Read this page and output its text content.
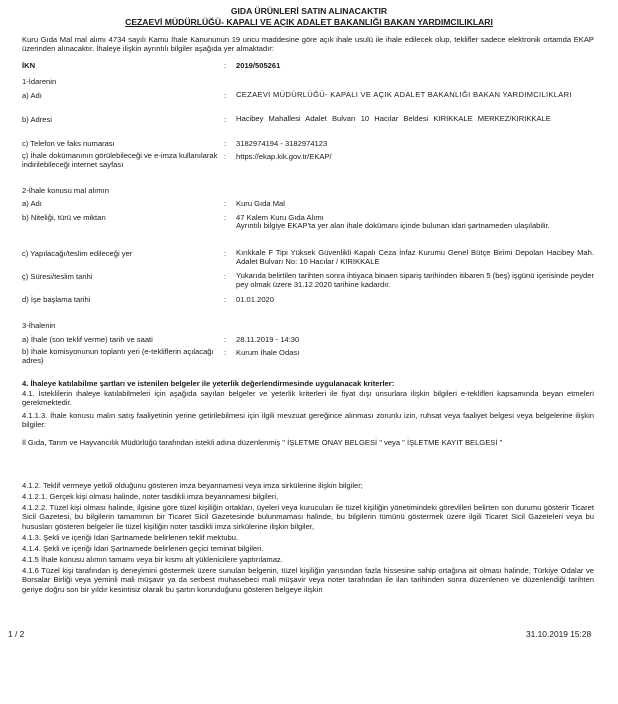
GIDA ÜRÜNLERİ SATIN ALINACAKTIR
CEZAEVİ MÜDÜRLÜĞÜ- KAPALI VE AÇIK ADALET BAKANLIĞI BAKAN YARDIMCILIKLARI
Kuru Gıda Mal mal alımı 4734 sayılı Kamu İhale Kanununun 19 uncu maddesine göre açık ihale usulü ile ihale edilecek olup, teklifler sadece elektronik ortamda EKAP üzerinden alınacaktır. İhaleye ilişkin ayrıntılı bilgiler aşağıda yer almaktadır:
İKN	: 2019/505261
1-İdarenin
a) Adı	: CEZAEVİ MÜDÜRLÜĞÜ- KAPALI VE AÇIK ADALET BAKANLIĞI BAKAN YARDIMCILIKLARI
b) Adresi	: Hacibey Mahallesi Adalet Bulvarı 10 Hacılar Beldesi KIRIKKALE MERKEZ/KIRIKKALE
c) Telefon ve faks numarası	: 3182974194 - 3182974123
ç) İhale dokümanının görülebileceği ve e-imza kullanılarak indirilebileceği internet sayfası
: https://ekap.kik.gov.tr/EKAP/
2-İhale konusu mal alımın
a) Adı	: Kuru Gıda Mal
b) Niteliği, türü ve miktarı	: 47 Kalem Kuru Gıda Alımı
Ayrıntılı bilgiye EKAP'ta yer alan ihale dokümanı içinde bulunan idari şartnameden ulaşılabilir.
c) Yapılacağı/teslim edileceği yer	: Kırıkkale F Tipi Yüksek Güvenlikli Kapalı Ceza İnfaz Kurumu Genel Bütçe Birimi Depoları Hacibey Mah. Adalet Bulvarı No: 10 Hacılar / KIRIKKALE
ç) Süresi/teslim tarihi	: Yukarıda belirtilen tarihten sonra ihtiyaca binaen sipariş tarihinden itibaren 5 (beş) işgünü içerisinde peyder pey olmak üzere 31.12.2020 tarihine kadardır.
d) İşe başlama tarihi	: 01.01.2020
3-İhalenin
a) İhale (son teklif verme) tarih ve saati	: 28.11.2019 - 14:30
b) İhale komisyonunun toplantı yeri (e-tekliflerin açılacağı adres)
: Kurum İhale Odası
4. İhaleye katılabilme şartları ve istenilen belgeler ile yeterlik değerlendirmesinde uygulanacak kriterler:
4.1. İsteklilerin ihaleye katılabilmeleri için aşağıda sayılan belgeler ve yeterlik kriterleri ile fiyat dışı unsurlara ilişkin bilgileri e-teklifleri kapsamında beyan etmeleri gerekmektedir.
4.1.1.3. İhale konusu malın satış faaliyetinin yerine getirilebilmesi için ilgili mevzuat gereğince alınması zorunlu izin, ruhsat veya faaliyet belgesi veya belgelerine ilişkin bilgiler:
İl Gıda, Tarım ve Hayvancılık Müdürlüğü tarafından istekli adına düzenlenmiş " İŞLETME ONAY BELGESİ " veya " İŞLETME KAYIT BELGESİ "
4.1.2. Teklif vermeye yetkili olduğunu gösteren imza beyannamesi veya imza sirkülerine ilişkin bilgiler;
4.1.2.1. Gerçek kişi olması halinde, noter tasdikli imza beyannamesi bilgileri,
4.1.2.2. Tüzel kişi olması halinde, ilgisine göre tüzel kişiliğin ortakları, üyeleri veya kurucuları ile tüzel kişiliğin yönetimindeki görevlileri belirten son durumu gösterir Ticaret Sicil Gazetesi, bu bilgilerin tamamının bir Ticaret Sicil Gazetesinde bulunmaması halinde, bu bilgilerin tümünü göstermek üzere ilgili Ticaret Sicil Gazeteleri veya bu hususları gösteren belgeler ile tüzel kişiliğin noter tasdikli imza sirkülerine ilişkin bilgiler,
4.1.3. Şekli ve içeriği İdari Şartnamede belirlenen teklif mektubu.
4.1.4. Şekli ve içeriği İdari Şartnamede belirlenen geçici teminat bilgileri.
4.1.5 İhale konusu alımın tamamı veya bir kısmı alt yüklenicilere yaptırılamaz.
4.1.6 Tüzel kişi tarafından iş deneyimini göstermek üzere sunulan belgenin, tüzel kişiliğin yarısından fazla hissesine sahip ortağına ait olması halinde, Türkiye Odalar ve Borsalar Birliği veya yeminli mali müşavir ya da serbest muhasebeci mali müşavir veya noter tarafından ile ilan tarihinden sonra düzenlenen ve düzenlendiği tarihten geriye doğru son bir yıldır kesintisiz olarak bu şartın korunduğunu gösteren belgeye ilişkin
1 / 2	31.10.2019 15:28
